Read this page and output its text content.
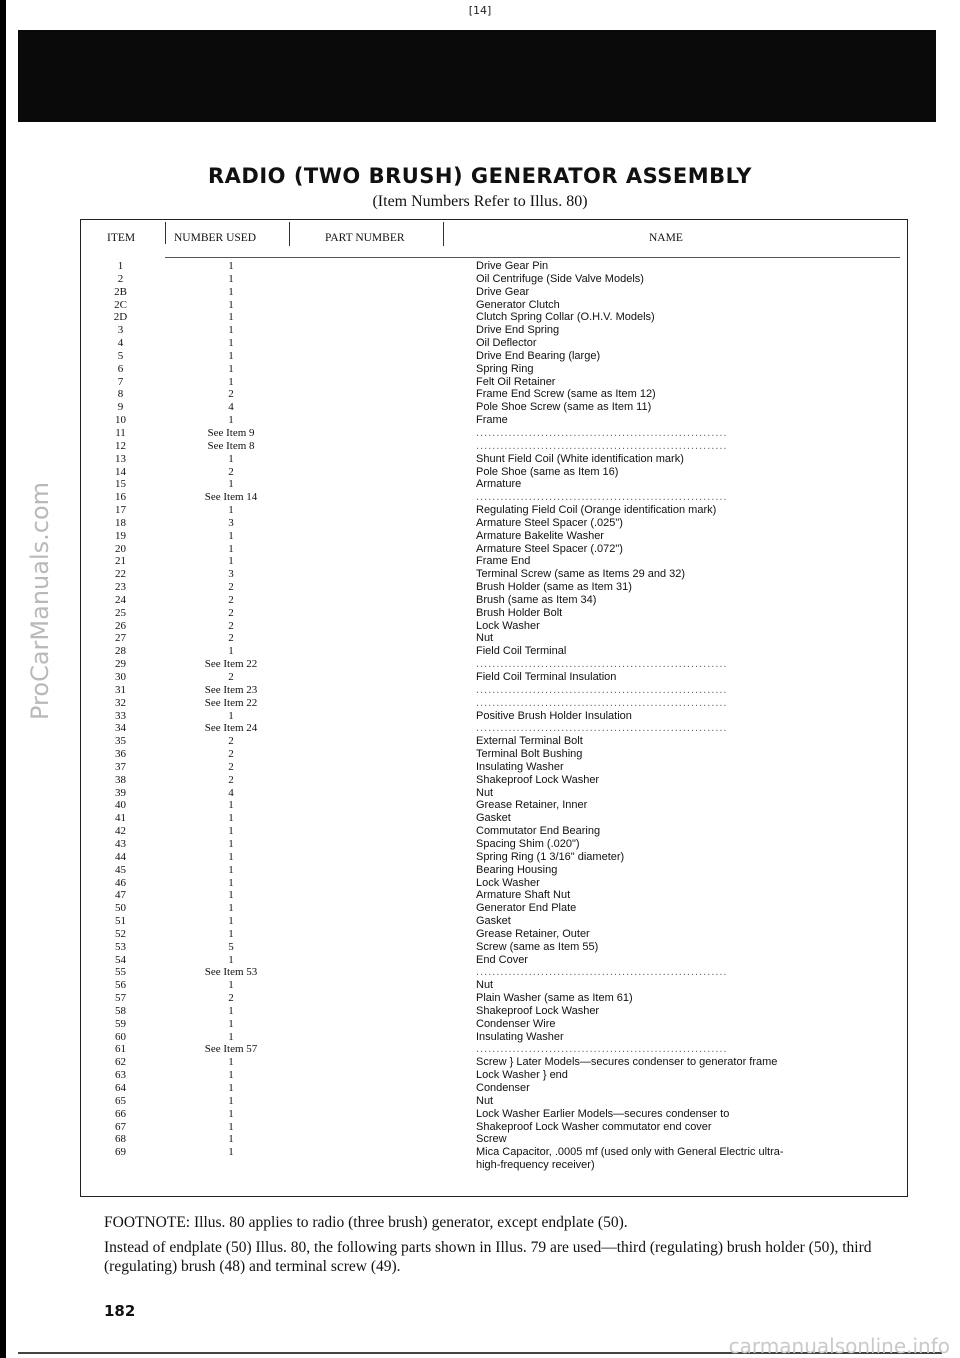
[14]
ProCarManuals.com
RADIO (TWO BRUSH) GENERATOR ASSEMBLY
(Item Numbers Refer to Illus. 80)
ITEM	NUMBER USED	PART NUMBER	NAME
1	1	Drive Gear Pin
2	1	Oil Centrifuge (Side Valve Models)
2B	1	Drive Gear
2C	1	Generator Clutch
2D	1	Clutch Spring Collar (O.H.V. Models)
3	1	Drive End Spring
4	1	Oil Deflector
5	1	Drive End Bearing (large)
6	1	Spring Ring
7	1	Felt Oil Retainer
8	2	Frame End Screw (same as Item 12)
9	4	Pole Shoe Screw (same as Item 11)
10	1	Frame
11	See Item 9	..............................................................
12	See Item 8	..............................................................
13	1	Shunt Field Coil (White identification mark)
14	2	Pole Shoe (same as Item 16)
15	1	Armature
16	See Item 14	..............................................................
17	1	Regulating Field Coil (Orange identification mark)
18	3	Armature Steel Spacer (.025")
19	1	Armature Bakelite Washer
20	1	Armature Steel Spacer (.072")
21	1	Frame End
22	3	Terminal Screw (same as Items 29 and 32)
23	2	Brush Holder (same as Item 31)
24	2	Brush (same as Item 34)
25	2	Brush Holder Bolt
26	2	Lock Washer
27	2	Nut
28	1	Field Coil Terminal
29	See Item 22	..............................................................
30	2	Field Coil Terminal Insulation
31	See Item 23	..............................................................
32	See Item 22	..............................................................
33	1	Positive Brush Holder Insulation
34	See Item 24	..............................................................
35	2	External Terminal Bolt
36	2	Terminal Bolt Bushing
37	2	Insulating Washer
38	2	Shakeproof Lock Washer
39	4	Nut
40	1	Grease Retainer, Inner
41	1	Gasket
42	1	Commutator End Bearing
43	1	Spacing Shim (.020")
44	1	Spring Ring (1 3/16" diameter)
45	1	Bearing Housing
46	1	Lock Washer
47	1	Armature Shaft Nut
50	1	Generator End Plate
51	1	Gasket
52	1	Grease Retainer, Outer
53	5	Screw (same as Item 55)
54	1	End Cover
55	See Item 53	..............................................................
56	1	Nut
57	2	Plain Washer (same as Item 61)
58	1	Shakeproof Lock Washer
59	1	Condenser Wire
60	1	Insulating Washer
61	See Item 57	..............................................................
62	1	Screw } Later Models—secures condenser to generator frame
63	1	Lock Washer } end
64	1	Condenser
65	1	Nut
66	1	Lock Washer Earlier Models—secures condenser to
67	1	Shakeproof Lock Washer commutator end cover
68	1	Screw
69	1	Mica Capacitor, .0005 mf (used only with General Electric ultra-
high-frequency receiver)
FOOTNOTE: Illus. 80 applies to radio (three brush) generator, except endplate (50).
Instead of endplate (50) Illus. 80, the following parts shown in Illus. 79 are used—third (regulating) brush holder (50), third (regulating) brush (48) and terminal screw (49).
182
carmanualsonline.info
